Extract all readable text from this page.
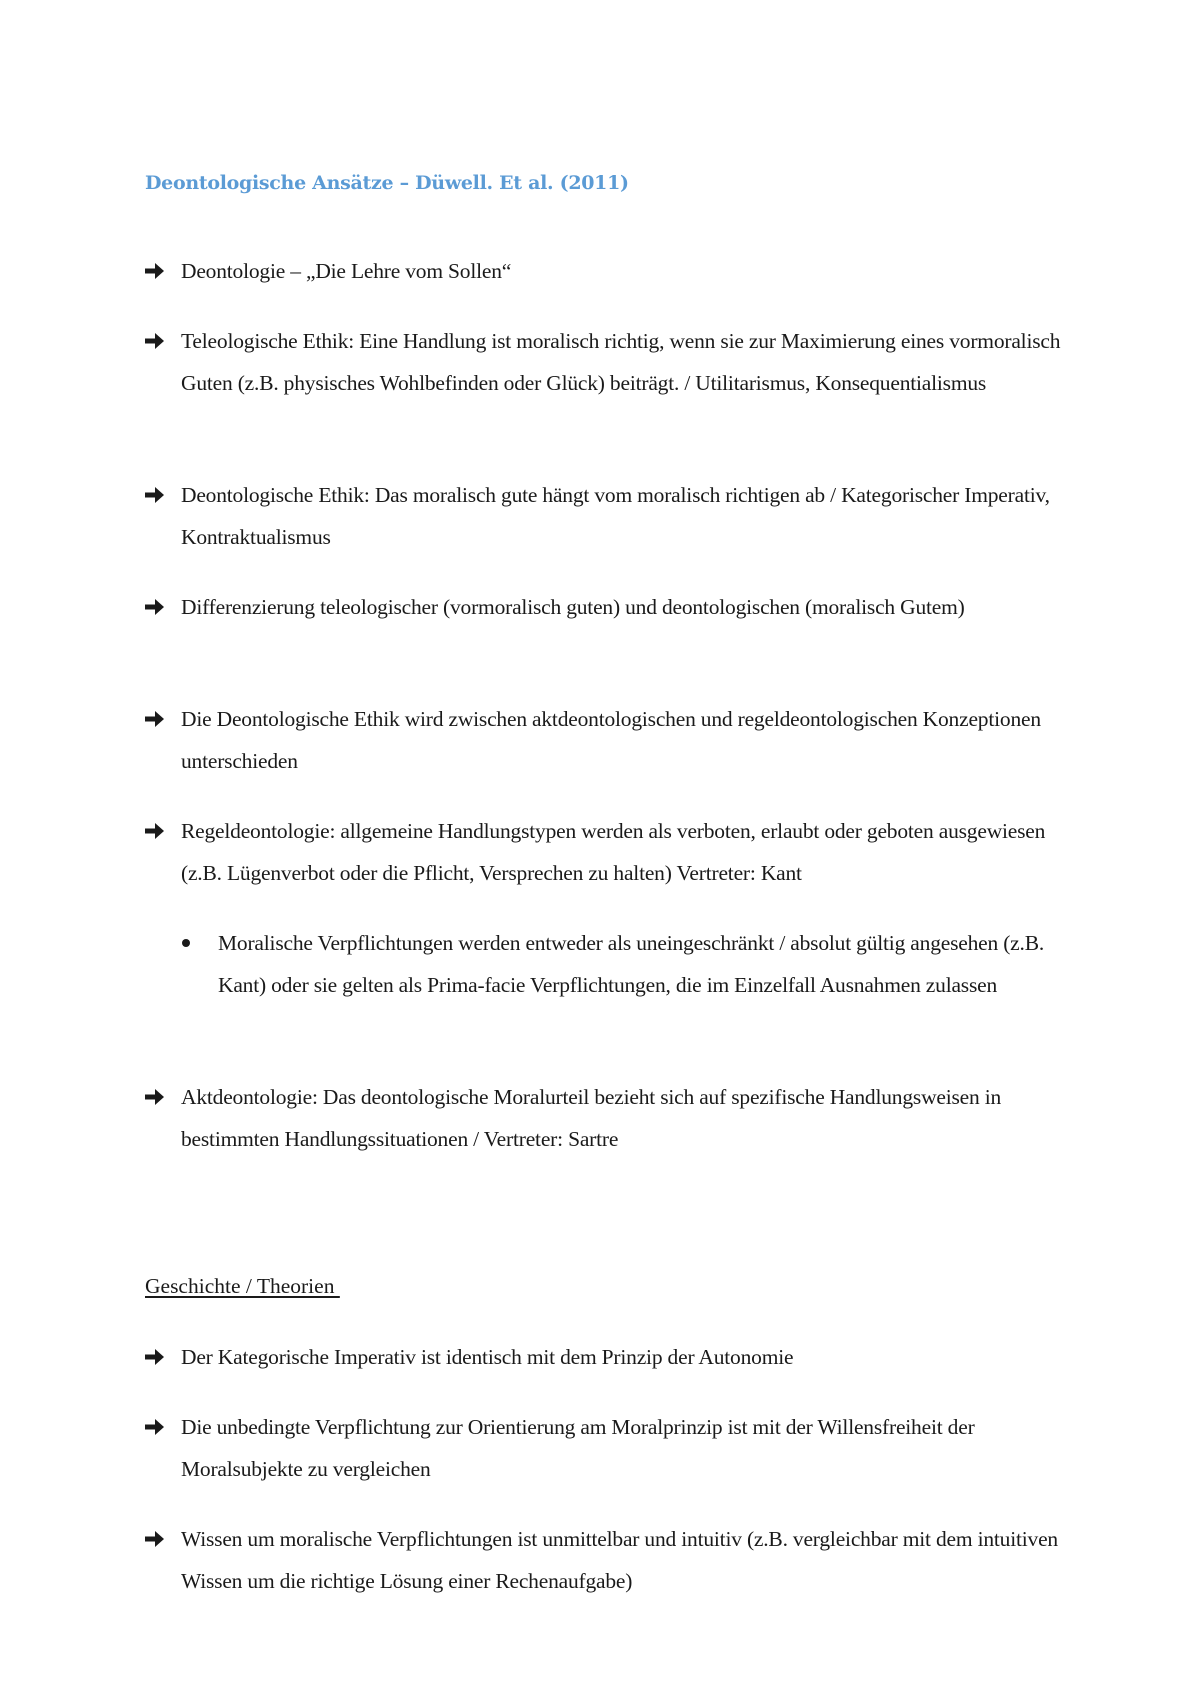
Deontologische Ansätze – Düwell. Et al. (2011)
Deontologie – „Die Lehre vom Sollen“
Teleologische Ethik: Eine Handlung ist moralisch richtig, wenn sie zur Maximierung eines vormoralisch Guten (z.B. physisches Wohlbefinden oder Glück) beiträgt. / Utilitarismus, Konsequentialismus
Deontologische Ethik: Das moralisch gute hängt vom moralisch richtigen ab / Kategorischer Imperativ, Kontraktualismus
Differenzierung teleologischer (vormoralisch guten) und deontologischen (moralisch Gutem)
Die Deontologische Ethik wird zwischen aktdeontologischen und regeldeontologischen Konzeptionen unterschieden
Regeldeontologie: allgemeine Handlungstypen werden als verboten, erlaubt oder geboten ausgewiesen (z.B. Lügenverbot oder die Pflicht, Versprechen zu halten) Vertreter: Kant
Moralische Verpflichtungen werden entweder als uneingeschränkt / absolut gültig angesehen (z.B. Kant) oder sie gelten als Prima-facie Verpflichtungen, die im Einzelfall Ausnahmen zulassen
Aktdeontologie: Das deontologische Moralurteil bezieht sich auf spezifische Handlungsweisen in bestimmten Handlungssituationen / Vertreter: Sartre
Geschichte / Theorien
Der Kategorische Imperativ ist identisch mit dem Prinzip der Autonomie
Die unbedingte Verpflichtung zur Orientierung am Moralprinzip ist mit der Willensfreiheit der Moralsubjekte zu vergleichen
Wissen um moralische Verpflichtungen ist unmittelbar und intuitiv (z.B. vergleichbar mit dem intuitiven Wissen um die richtige Lösung einer Rechenaufgabe)
